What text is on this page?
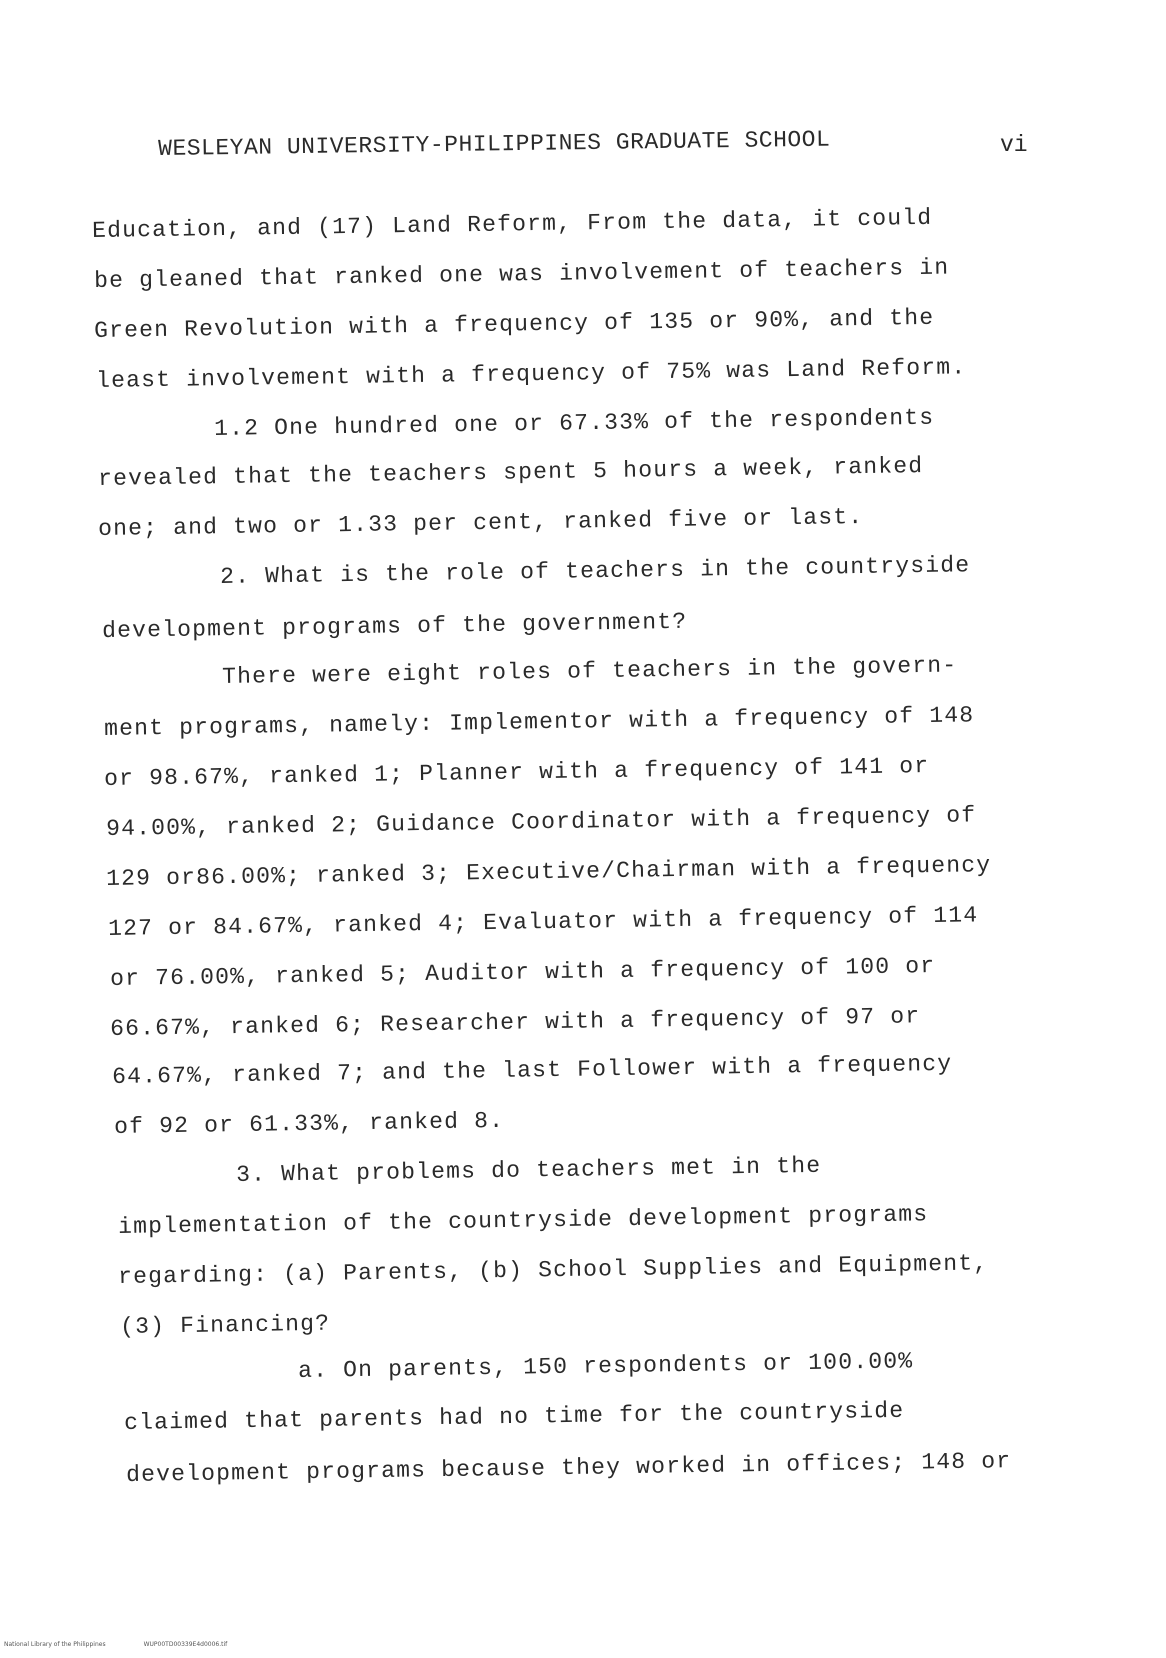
WESLEYAN UNIVERSITY-PHILIPPINES GRADUATE SCHOOL	vi
Education, and (17) Land Reform, From the data, it could
be gleaned that ranked one was involvement of teachers in
Green Revolution with a frequency of 135 or 90%, and the
least involvement with a frequency of 75% was Land Reform.
1.2 One hundred one or 67.33% of the respondents
revealed that the teachers spent 5 hours a week, ranked
one; and two or 1.33 per cent, ranked five or last.
2. What is the role of teachers in the countryside
development programs of the government?
There were eight roles of teachers in the govern-
ment programs, namely: Implementor with a frequency of 148
or 98.67%, ranked 1; Planner with a frequency of 141 or
94.00%, ranked 2; Guidance Coordinator with a frequency of
129 or86.00%; ranked 3; Executive/Chairman with a frequency
127 or 84.67%, ranked 4; Evaluator with a frequency of 114
or 76.00%, ranked 5; Auditor with a frequency of 100 or
66.67%, ranked 6; Researcher with a frequency of 97 or
64.67%, ranked 7; and the last Follower with a frequency
of 92 or 61.33%, ranked 8.
3. What problems do teachers met in the
implementation of the countryside development programs
regarding: (a) Parents, (b) School Supplies and Equipment,
(3) Financing?
a. On parents, 150 respondents or 100.00%
claimed that parents had no time for the countryside
development programs because they worked in offices; 148 or
National Library of the Philippines	WUP00TD00339E4d0006.tif
